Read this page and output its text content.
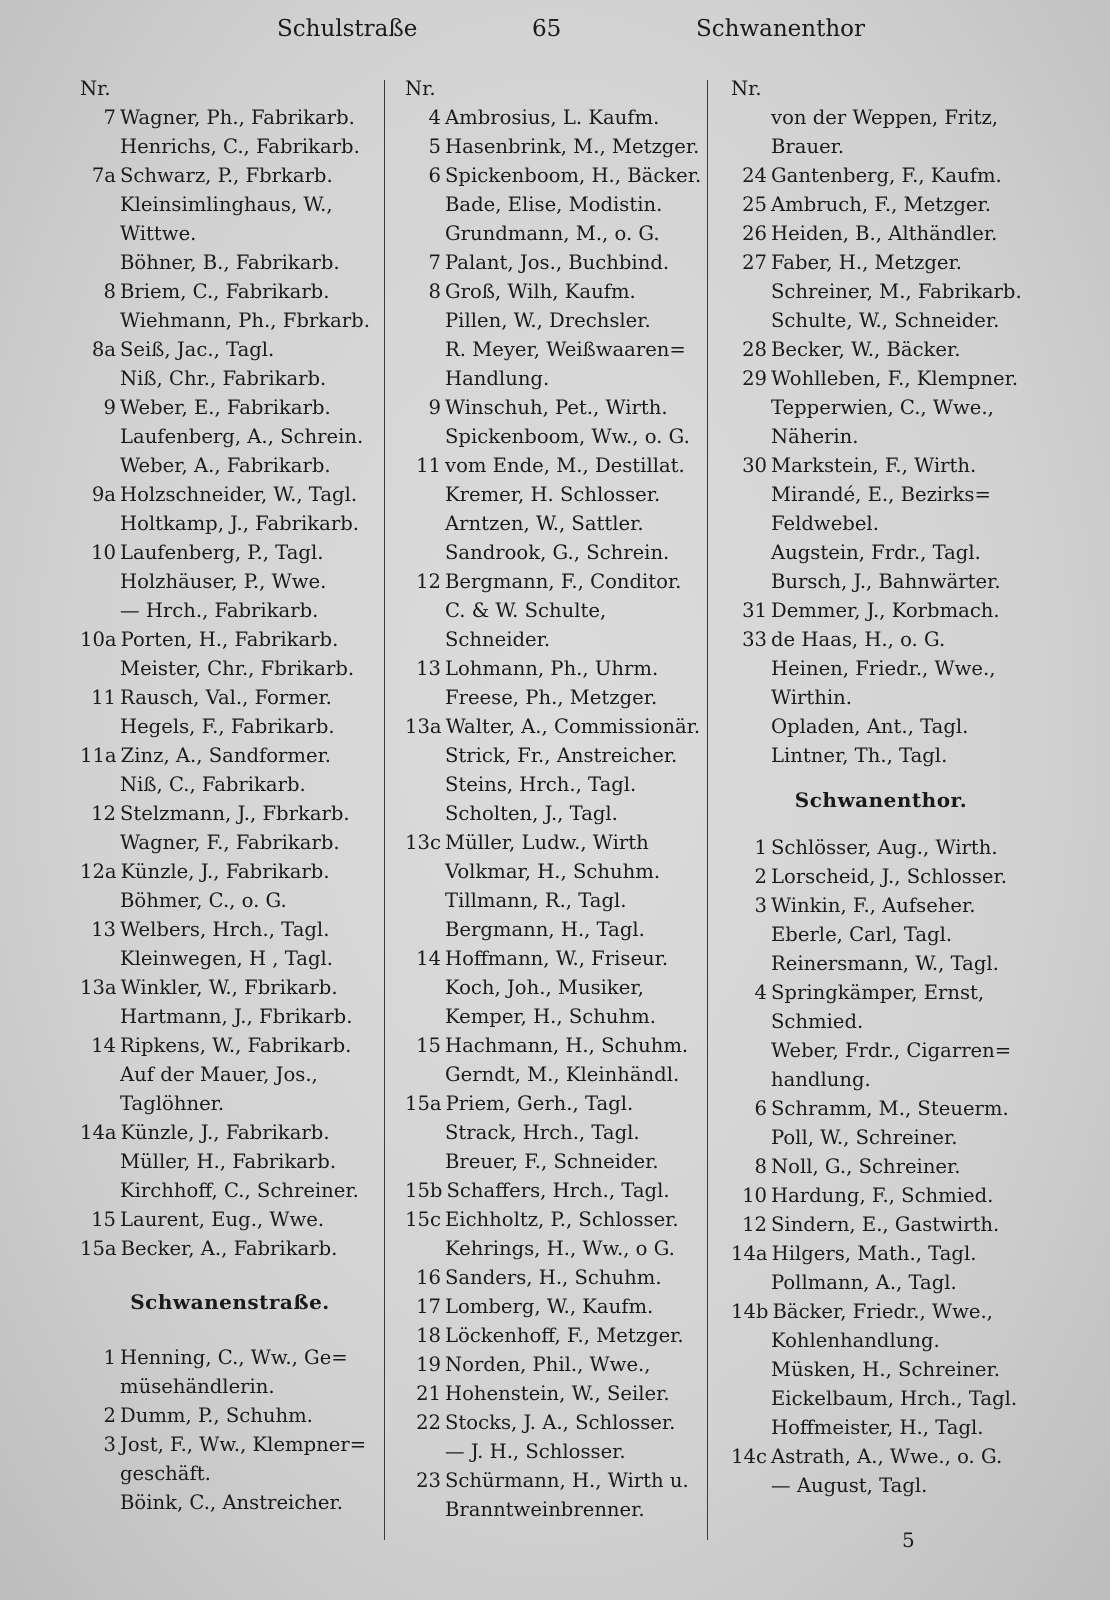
Schulstraße	65	Schwanenthor
Nr.
7 Wagner, Ph., Fabrikarb.
Henrichs, C., Fabrikarb.
7a Schwarz, P., Fbrkarb.
Kleinsimlinghaus, W.,
Wittwe.
Böhner, B., Fabrikarb.
8 Briem, C., Fabrikarb.
Wiehmann, Ph., Fbrkarb.
8a Seiß, Jac., Tagl.
Niß, Chr., Fabrikarb.
9 Weber, E., Fabrikarb.
Laufenberg, A., Schrein.
Weber, A., Fabrikarb.
9a Holzschneider, W., Tagl.
Holtkamp, J., Fabrikarb.
10 Laufenberg, P., Tagl.
Holzhäuser, P., Wwe.
— Hrch., Fabrikarb.
10a Porten, H., Fabrikarb.
Meister, Chr., Fbrikarb.
11 Rausch, Val., Former.
Hegels, F., Fabrikarb.
11a Zinz, A., Sandformer.
Niß, C., Fabrikarb.
12 Stelzmann, J., Fbrkarb.
Wagner, F., Fabrikarb.
12a Künzle, J., Fabrikarb.
Böhmer, C., o. G.
13 Welbers, Hrch., Tagl.
Kleinwegen, H , Tagl.
13a Winkler, W., Fbrikarb.
Hartmann, J., Fbrikarb.
14 Ripkens, W., Fabrikarb.
Auf der Mauer, Jos.,
Taglöhner.
14a Künzle, J., Fabrikarb.
Müller, H., Fabrikarb.
Kirchhoff, C., Schreiner.
15 Laurent, Eug., Wwe.
15a Becker, A., Fabrikarb.
Schwanenstraße.
1 Henning, C., Ww., Ge=
müsehändlerin.
2 Dumm, P., Schuhm.
3 Jost, F., Ww., Klempner=
geschäft.
Böink, C., Anstreicher.
Nr.
4 Ambrosius, L. Kaufm.
5 Hasenbrink, M., Metzger.
6 Spickenboom, H., Bäcker.
Bade, Elise, Modistin.
Grundmann, M., o. G.
7 Palant, Jos., Buchbind.
8 Groß, Wilh, Kaufm.
Pillen, W., Drechsler.
R. Meyer, Weißwaaren=
Handlung.
9 Winschuh, Pet., Wirth.
Spickenboom, Ww., o. G.
11 vom Ende, M., Destillat.
Kremer, H. Schlosser.
Arntzen, W., Sattler.
Sandrook, G., Schrein.
12 Bergmann, F., Conditor.
C. & W. Schulte,
Schneider.
13 Lohmann, Ph., Uhrm.
Freese, Ph., Metzger.
13a Walter, A., Commissionär.
Strick, Fr., Anstreicher.
Steins, Hrch., Tagl.
Scholten, J., Tagl.
13c Müller, Ludw., Wirth
Volkmar, H., Schuhm.
Tillmann, R., Tagl.
Bergmann, H., Tagl.
14 Hoffmann, W., Friseur.
Koch, Joh., Musiker,
Kemper, H., Schuhm.
15 Hachmann, H., Schuhm.
Gerndt, M., Kleinhändl.
15a Priem, Gerh., Tagl.
Strack, Hrch., Tagl.
Breuer, F., Schneider.
15b Schaffers, Hrch., Tagl.
15c Eichholtz, P., Schlosser.
Kehrings, H., Ww., o G.
16 Sanders, H., Schuhm.
17 Lomberg, W., Kaufm.
18 Löckenhoff, F., Metzger.
19 Norden, Phil., Wwe.,
21 Hohenstein, W., Seiler.
22 Stocks, J. A., Schlosser.
— J. H., Schlosser.
23 Schürmann, H., Wirth u.
Branntweinbrenner.
Nr.
von der Weppen, Fritz,
Brauer.
24 Gantenberg, F., Kaufm.
25 Ambruch, F., Metzger.
26 Heiden, B., Althändler.
27 Faber, H., Metzger.
Schreiner, M., Fabrikarb.
Schulte, W., Schneider.
28 Becker, W., Bäcker.
29 Wohlleben, F., Klempner.
Tepperwien, C., Wwe.,
Näherin.
30 Markstein, F., Wirth.
Mirandé, E., Bezirks=
Feldwebel.
Augstein, Frdr., Tagl.
Bursch, J., Bahnwärter.
31 Demmer, J., Korbmach.
33 de Haas, H., o. G.
Heinen, Friedr., Wwe.,
Wirthin.
Opladen, Ant., Tagl.
Lintner, Th., Tagl.
Schwanenthor.
1 Schlösser, Aug., Wirth.
2 Lorscheid, J., Schlosser.
3 Winkin, F., Aufseher.
Eberle, Carl, Tagl.
Reinersmann, W., Tagl.
4 Springkämper, Ernst,
Schmied.
Weber, Frdr., Cigarren=
handlung.
6 Schramm, M., Steuerm.
Poll, W., Schreiner.
8 Noll, G., Schreiner.
10 Hardung, F., Schmied.
12 Sindern, E., Gastwirth.
14a Hilgers, Math., Tagl.
Pollmann, A., Tagl.
14b Bäcker, Friedr., Wwe.,
Kohlenhandlung.
Müsken, H., Schreiner.
Eickelbaum, Hrch., Tagl.
Hoffmeister, H., Tagl.
14c Astrath, A., Wwe., o. G.
— August, Tagl.
5
